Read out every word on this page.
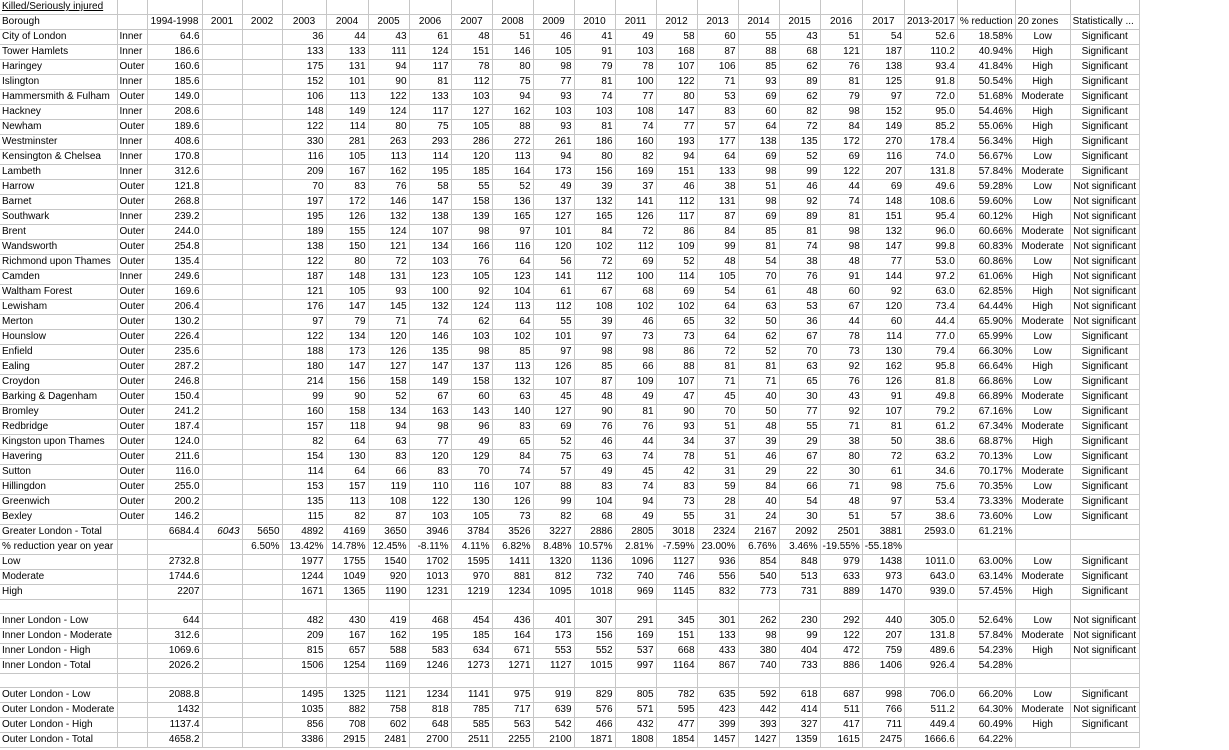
Killed/Seriously injured																							
Borough		1994-1998	2001	2002	2003	2004	2005	2006	2007	2008	2009	2010	2011	2012	2013	2014	2015	2016	2017	2013-2017	% reduction	20 zones	Statistically ...
City of London	Inner	64.6			36	44	43	61	48	51	46	41	49	58	60	55	43	51	54	52.6	18.58%	Low	Significant
Tower Hamlets	Inner	186.6			133	133	111	124	151	146	105	91	103	168	87	88	68	121	187	110.2	40.94%	High	Significant
Haringey	Outer	160.6			175	131	94	117	78	80	98	79	78	107	106	85	62	76	138	93.4	41.84%	High	Significant
Islington	Inner	185.6			152	101	90	81	112	75	77	81	100	122	71	93	89	81	125	91.8	50.54%	High	Significant
Hammersmith & Fulham	Outer	149.0			106	113	122	133	103	94	93	74	77	80	53	69	62	79	97	72.0	51.68%	Moderate	Significant
Hackney	Inner	208.6			148	149	124	117	127	162	103	103	108	147	83	60	82	98	152	95.0	54.46%	High	Significant
Newham	Outer	189.6			122	114	80	75	105	88	93	81	74	77	57	64	72	84	149	85.2	55.06%	High	Significant
Westminster	Inner	408.6			330	281	263	293	286	272	261	186	160	193	177	138	135	172	270	178.4	56.34%	High	Significant
Kensington & Chelsea	Inner	170.8			116	105	113	114	120	113	94	80	82	94	64	69	52	69	116	74.0	56.67%	Low	Significant
Lambeth	Inner	312.6			209	167	162	195	185	164	173	156	169	151	133	98	99	122	207	131.8	57.84%	Moderate	Significant
Harrow	Outer	121.8			70	83	76	58	55	52	49	39	37	46	38	51	46	44	69	49.6	59.28%	Low	Not significant
Barnet	Outer	268.8			197	172	146	147	158	136	137	132	141	112	131	98	92	74	148	108.6	59.60%	Low	Not significant
Southwark	Inner	239.2			195	126	132	138	139	165	127	165	126	117	87	69	89	81	151	95.4	60.12%	High	Not significant
Brent	Outer	244.0			189	155	124	107	98	97	101	84	72	86	84	85	81	98	132	96.0	60.66%	Moderate	Not significant
Wandsworth	Outer	254.8			138	150	121	134	166	116	120	102	112	109	99	81	74	98	147	99.8	60.83%	Moderate	Not significant
Richmond upon Thames	Outer	135.4			122	80	72	103	76	64	56	72	69	52	48	54	38	48	77	53.0	60.86%	Low	Not significant
Camden	Inner	249.6			187	148	131	123	105	123	141	112	100	114	105	70	76	91	144	97.2	61.06%	High	Not significant
Waltham Forest	Outer	169.6			121	105	93	100	92	104	61	67	68	69	54	61	48	60	92	63.0	62.85%	High	Not significant
Lewisham	Outer	206.4			176	147	145	132	124	113	112	108	102	102	64	63	53	67	120	73.4	64.44%	High	Not significant
Merton	Outer	130.2			97	79	71	74	62	64	55	39	46	65	32	50	36	44	60	44.4	65.90%	Moderate	Not significant
Hounslow	Outer	226.4			122	134	120	146	103	102	101	97	73	73	64	62	67	78	114	77.0	65.99%	Low	Significant
Enfield	Outer	235.6			188	173	126	135	98	85	97	98	98	86	72	52	70	73	130	79.4	66.30%	Low	Significant
Ealing	Outer	287.2			180	147	127	147	137	113	126	85	66	88	81	81	63	92	162	95.8	66.64%	High	Significant
Croydon	Outer	246.8			214	156	158	149	158	132	107	87	109	107	71	71	65	76	126	81.8	66.86%	Low	Significant
Barking & Dagenham	Outer	150.4			99	90	52	67	60	63	45	48	49	47	45	40	30	43	91	49.8	66.89%	Moderate	Significant
Bromley	Outer	241.2			160	158	134	163	143	140	127	90	81	90	70	50	77	92	107	79.2	67.16%	Low	Significant
Redbridge	Outer	187.4			157	118	94	98	96	83	69	76	76	93	51	48	55	71	81	61.2	67.34%	Moderate	Significant
Kingston upon Thames	Outer	124.0			82	64	63	77	49	65	52	46	44	34	37	39	29	38	50	38.6	68.87%	High	Significant
Havering	Outer	211.6			154	130	83	120	129	84	75	63	74	78	51	46	67	80	72	63.2	70.13%	Low	Significant
Sutton	Outer	116.0			114	64	66	83	70	74	57	49	45	42	31	29	22	30	61	34.6	70.17%	Moderate	Significant
Hillingdon	Outer	255.0			153	157	119	110	116	107	88	83	74	83	59	84	66	71	98	75.6	70.35%	Low	Significant
Greenwich	Outer	200.2			135	113	108	122	130	126	99	104	94	73	28	40	54	48	97	53.4	73.33%	Moderate	Significant
Bexley	Outer	146.2			115	82	87	103	105	73	82	68	49	55	31	24	30	51	57	38.6	73.60%	Low	Significant
Greater London - Total		6684.4	6043	5650	4892	4169	3650	3946	3784	3526	3227	2886	2805	3018	2324	2167	2092	2501	3881	2593.0	61.21%		
% reduction year on year				6.50%	13.42%	14.78%	12.45%	-8.11%	4.11%	6.82%	8.48%	10.57%	2.81%	-7.59%	23.00%	6.76%	3.46%	-19.55%	-55.18%				
Low		2732.8			1977	1755	1540	1702	1595	1411	1320	1136	1096	1127	936	854	848	979	1438	1011.0	63.00%	Low	Significant
Moderate		1744.6			1244	1049	920	1013	970	881	812	732	740	746	556	540	513	633	973	643.0	63.14%	Moderate	Significant
High		2207			1671	1365	1190	1231	1219	1234	1095	1018	969	1145	832	773	731	889	1470	939.0	57.45%	High	Significant

Inner London - Low		644			482	430	419	468	454	436	401	307	291	345	301	262	230	292	440	305.0	52.64%	Low	Not significant
Inner London - Moderate		312.6			209	167	162	195	185	164	173	156	169	151	133	98	99	122	207	131.8	57.84%	Moderate	Not significant
Inner London - High		1069.6			815	657	588	583	634	671	553	552	537	668	433	380	404	472	759	489.6	54.23%	High	Not significant
Inner London - Total		2026.2			1506	1254	1169	1246	1273	1271	1127	1015	997	1164	867	740	733	886	1406	926.4	54.28%		

Outer London - Low		2088.8			1495	1325	1121	1234	1141	975	919	829	805	782	635	592	618	687	998	706.0	66.20%	Low	Significant
Outer London - Moderate		1432			1035	882	758	818	785	717	639	576	571	595	423	442	414	511	766	511.2	64.30%	Moderate	Not significant
Outer London - High		1137.4			856	708	602	648	585	563	542	466	432	477	399	393	327	417	711	449.4	60.49%	High	Significant
Outer London - Total		4658.2			3386	2915	2481	2700	2511	2255	2100	1871	1808	1854	1457	1427	1359	1615	2475	1666.6	64.22%		
